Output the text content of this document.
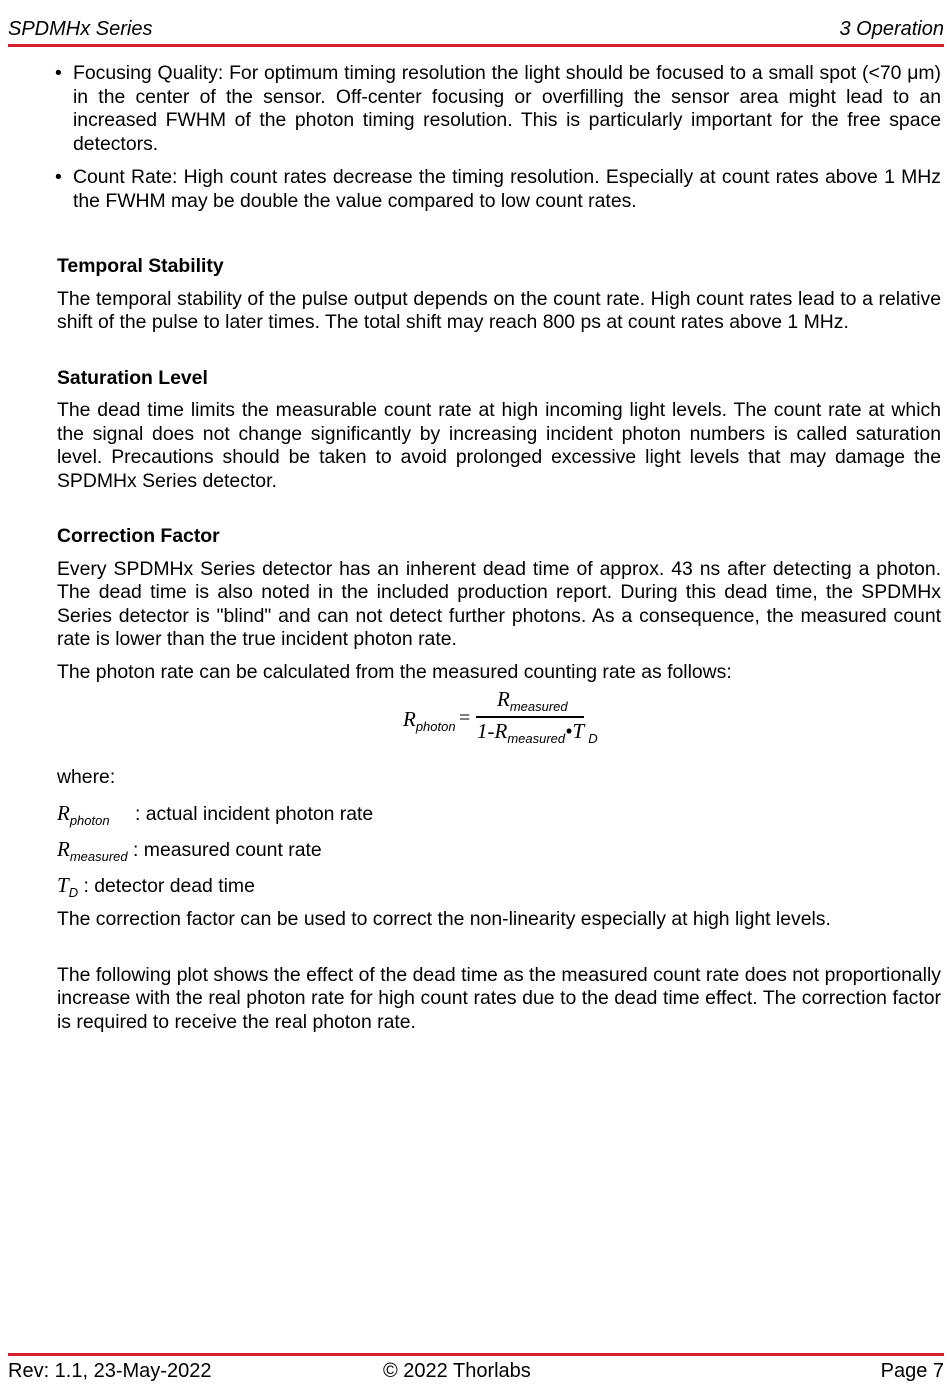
SPDMHx Series	3 Operation
• Focusing Quality: For optimum timing resolution the light should be focused to a small spot (<70 μm) in the center of the sensor. Off-center focusing or overfilling the sensor area might lead to an increased FWHM of the photon timing resolution. This is particularly important for the free space detectors.
• Count Rate: High count rates decrease the timing resolution. Especially at count rates above 1 MHz the FWHM may be double the value compared to low count rates.
Temporal Stability

The temporal stability of the pulse output depends on the count rate. High count rates lead to a relative shift of the pulse to later times. The total shift may reach 800 ps at count rates above 1 MHz.

Saturation Level

The dead time limits the measurable count rate at high incoming light levels. The count rate at which the signal does not change significantly by increasing incident photon numbers is called saturation level. Precautions should be taken to avoid prolonged excessive light levels that may damage the SPDMHx Series detector.

Correction Factor

Every SPDMHx Series detector has an inherent dead time of approx. 43 ns after detecting a photon. The dead time is also noted in the included production report. During this dead time, the SPDMHx Series detector is "blind" and can not detect further photons. As a consequence, the measured count rate is lower than the true incident photon rate.

The photon rate can be calculated from the measured counting rate as follows:

$R_{photon}$ =
$R_{measured}$
$1-R_{measured}•T$ $_D$

where:

$R_{photon}$ : actual incident photon rate

$R_{measured}$ : measured count rate

$T_D$ : detector dead time

The correction factor can be used to correct the non-linearity especially at high light levels.

The following plot shows the effect of the dead time as the measured count rate does not proportionally increase with the real photon rate for high count rates due to the dead time effect. The correction factor is required to receive the real photon rate.

Rev: 1.1, 23-May-2022	© 2022 Thorlabs	Page 7
